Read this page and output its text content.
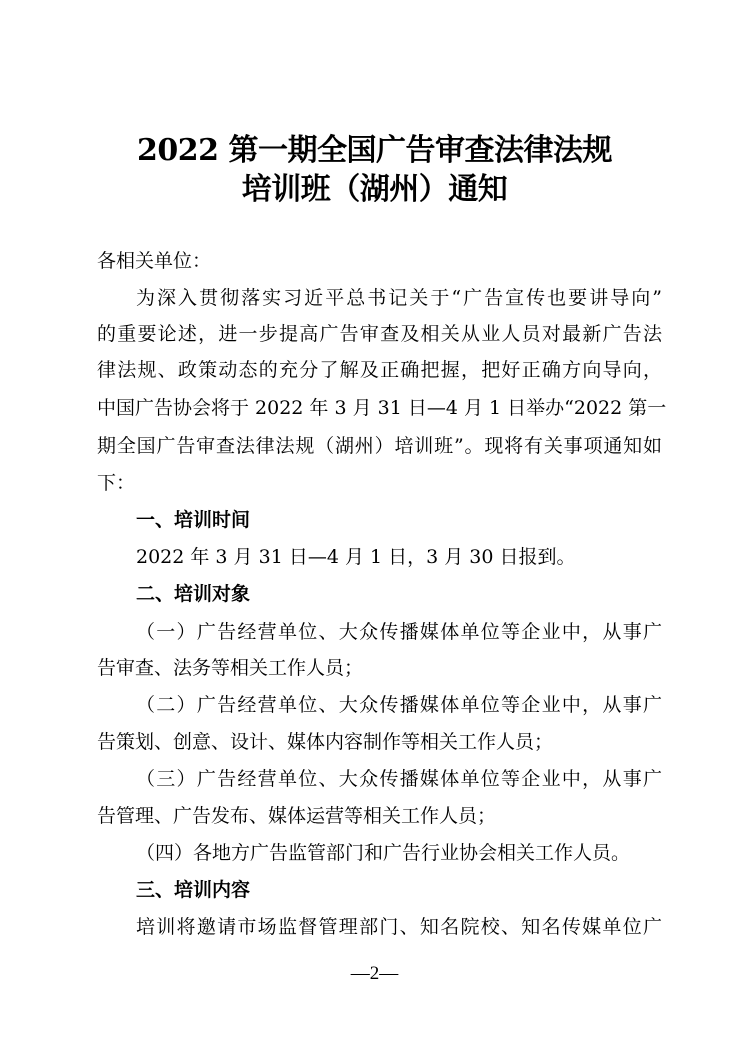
2022 第一期全国广告审查法律法规
培训班（湖州）通知

各相关单位：

为深入贯彻落实习近平总书记关于“广告宣传也要讲导向”

的重要论述，进一步提高广告审查及相关从业人员对最新广告法

律法规、政策动态的充分了解及正确把握，把好正确方向导向，

中国广告协会将于 2022 年 3 月 31 日—4 月 1 日举办“2022 第一

期全国广告审查法律法规（湖州）培训班”。现将有关事项通知如

下：

一、培训时间

2022 年 3 月 31 日—4 月 1 日，3 月 30 日报到。

二、培训对象

（一）广告经营单位、大众传播媒体单位等企业中，从事广

告审查、法务等相关工作人员；

（二）广告经营单位、大众传播媒体单位等企业中，从事广

告策划、创意、设计、媒体内容制作等相关工作人员；

（三）广告经营单位、大众传播媒体单位等企业中，从事广

告管理、广告发布、媒体运营等相关工作人员；

（四）各地方广告监管部门和广告行业协会相关工作人员。

三、培训内容

培训将邀请市场监督管理部门、知名院校、知名传媒单位广

—2—
